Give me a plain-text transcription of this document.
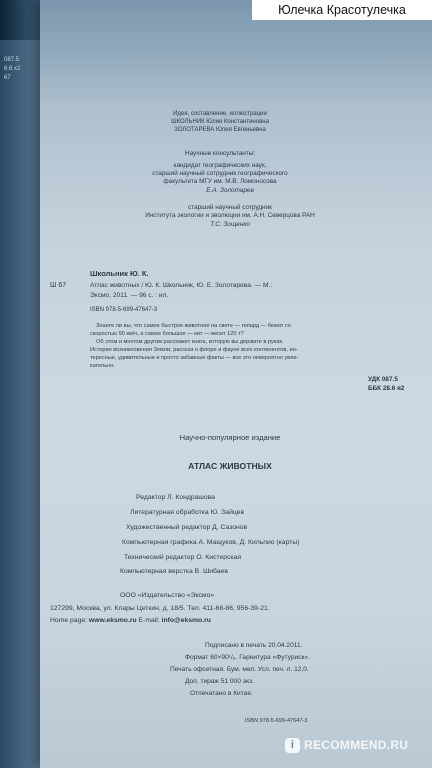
087.5
6.6 x2
67
Идея, составление, иллюстрации
ШКОЛЬНИК Юлия Константиновна
ЗОЛОТАРЕВА Юлия Евгеньевна
Научные консультанты:
кандидат географических наук,
старший научный сотрудник географического
факультета МГУ им. М.В. Ломоносова
Е.А. Золотарев
старший научный сотрудник
Института экологии и эволюции им. А.Н. Северцова РАН
Т.С. Зощенко
Школьник Ю. К.
Ш 67	Атлас животных / Ю. К. Школьник, Ю. Е. Золотарева. — М.:
Эксмо, 2011. — 96 с. : ил.
ISBN 978-5-699-47647-3
Знаете ли вы, что самое быстрое животное на свете — гепард — бежит со
скоростью 90 км/ч, а самое большое — кит — весит 120 т?
Об этом и многом другом расскажет книга, которую вы держите в руках.
История возникновения Земли, рассказ о флоре и фауне всех континентов, ин-
тересные, удивительные и просто забавные факты — все это невероятно увле-
кательно.
УДК 087.5
ББК 28.6 я2
Научно-популярное издание
АТЛАС ЖИВОТНЫХ
Редактор Л. Кондрашова
Литературная обработка Ю. Зайцев
Художественный редактор Д. Сазонов
Компьютерная графика А. Мащуков, Д. Кильпио (карты)
Технический редактор О. Кистерская
Компьютерная верстка В. Шибаев
ООО «Издательство «Эксмо»
127299, Москва, ул. Клары Цеткин, д. 18/5. Тел. 411-68-86, 956-39-21.
Home page: www.eksmo.ru E-mail: info@eksmo.ru
Подписано в печать 20.04.2011.
Формат 60×90¹/₈. Гарнитура «Футуриск».
Печать офсетная. Бум. мел. Усл. печ. л. 12,0.
Доп. тираж 51 000 экз.
Отпечатано в Китае.
ISBN 978-5-699-47647-3
Юлечка Красотулечка
i RECOMMEND.RU
